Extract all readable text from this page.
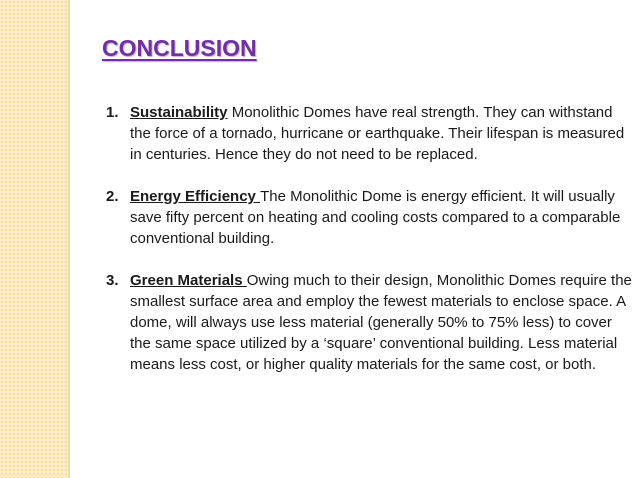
CONCLUSION
1. Sustainability Monolithic Domes have real strength. They can withstand the force of a tornado, hurricane or earthquake. Their lifespan is measured in centuries. Hence they do not need to be replaced.
2. Energy Efficiency The Monolithic Dome is energy efficient. It will usually save fifty percent on heating and cooling costs compared to a comparable conventional building.
3. Green Materials Owing much to their design, Monolithic Domes require the smallest surface area and employ the fewest materials to enclose space. A dome, will always use less material (generally 50% to 75% less) to cover the same space utilized by a ‘square’ conventional building. Less material means less cost, or higher quality materials for the same cost, or both.
